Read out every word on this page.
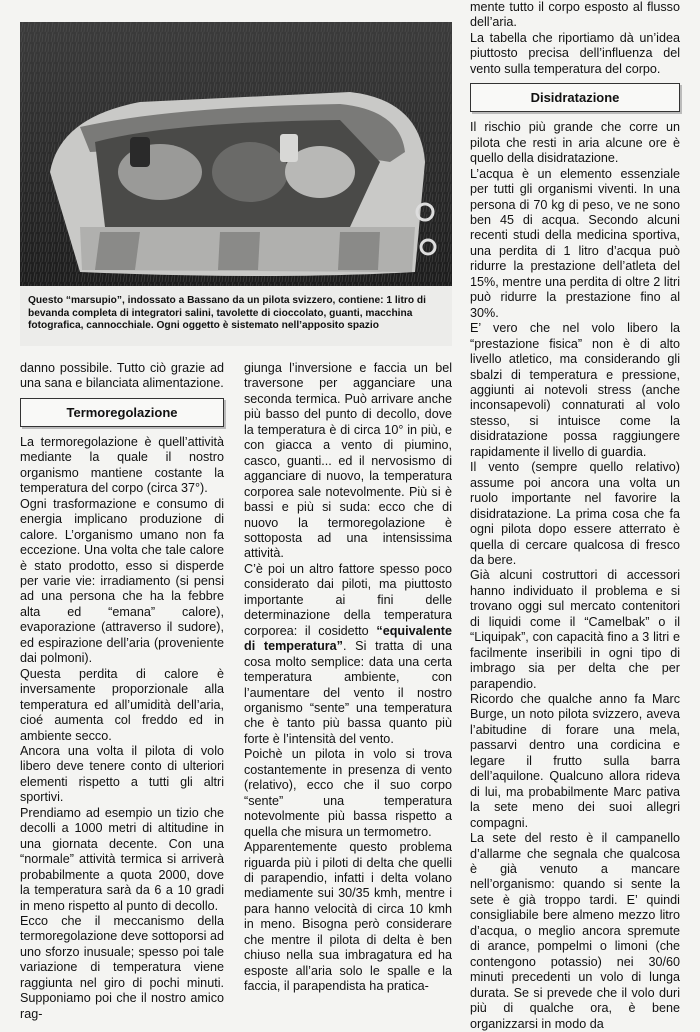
Questo “marsupio”, indossato a Bassano da un pilota svizzero, contiene: 1 litro di bevanda completa di integratori salini, tavolette di cioccolato, guanti, macchina fotografica, cannocchiale. Ogni oggetto è sistemato nell’apposito spazio

danno possibile. Tutto ciò grazie ad una sana e bilanciata alimentazione.

Termoregolazione

La termoregolazione è quell’attività mediante la quale il nostro organismo mantiene costante la temperatura del corpo (circa 37°).

Ogni trasformazione e consumo di energia implicano produzione di calore. L’organismo umano non fa eccezione. Una volta che tale calore è stato prodotto, esso si disperde per varie vie: irradiamento (si pensi ad una persona che ha la febbre alta ed “emana” calore), evaporazione (attraverso il sudore), ed espirazione dell’aria (proveniente dai polmoni).

Questa perdita di calore è inversamente proporzionale alla temperatura ed all’umidità dell’aria, cioé aumenta col freddo ed in ambiente secco.

Ancora una volta il pilota di volo libero deve tenere conto di ulteriori elementi rispetto a tutti gli altri sportivi.

Prendiamo ad esempio un tizio che decolli a 1000 metri di altitudine in una giornata decente. Con una “normale” attività termica si arriverà probabilmente a quota 2000, dove la temperatura sarà da 6 a 10 gradi in meno rispetto al punto di decollo.

Ecco che il meccanismo della termoregolazione deve sottoporsi ad uno sforzo inusuale; spesso poi tale variazione di temperatura viene raggiunta nel giro di pochi minuti. Supponiamo poi che il nostro amico rag-

giunga l’inversione e faccia un bel traversone per agganciare una seconda termica. Può arrivare anche più basso del punto di decollo, dove la temperatura è di circa 10° in più, e con giacca a vento di piumino, casco, guanti... ed il nervosismo di agganciare di nuovo, la temperatura corporea sale notevolmente. Più si è bassi e più si suda: ecco che di nuovo la termoregolazione è sottoposta ad una intensissima attività.

C’è poi un altro fattore spesso poco considerato dai piloti, ma piuttosto importante ai fini delle determinazione della temperatura corporea: il cosidetto “equivalente di temperatura”. Si tratta di una cosa molto semplice: data una certa temperatura ambiente, con l’aumentare del vento il nostro organismo “sente” una temperatura che è tanto più bassa quanto più forte è l’intensità del vento.

Poichè un pilota in volo si trova costantemente in presenza di vento (relativo), ecco che il suo corpo “sente” una temperatura notevolmente più bassa rispetto a quella che misura un termometro.

Apparentemente questo problema riguarda più i piloti di delta che quelli di parapendio, infatti i delta volano mediamente sui 30/35 kmh, mentre i para hanno velocità di circa 10 kmh in meno. Bisogna però considerare che mentre il pilota di delta è ben chiuso nella sua imbragatura ed ha esposte all’aria solo le spalle e la faccia, il parapendista ha pratica-

mente tutto il corpo esposto al flusso dell’aria.

La tabella che riportiamo dà un’idea piuttosto precisa dell’influenza del vento sulla temperatura del corpo.

Disidratazione

Il rischio più grande che corre un pilota che resti in aria alcune ore è quello della disidratazione.

L’acqua è un elemento essenziale per tutti gli organismi viventi. In una persona di 70 kg di peso, ve ne sono ben 45 di acqua. Secondo alcuni recenti studi della medicina sportiva, una perdita di 1 litro d’acqua può ridurre la prestazione dell’atleta del 15%, mentre una perdita di oltre 2 litri può ridurre la prestazione fino al 30%.

E’ vero che nel volo libero la “prestazione fisica” non è di alto livello atletico, ma considerando gli sbalzi di temperatura e pressione, aggiunti ai notevoli stress (anche inconsapevoli) connaturati al volo stesso, si intuisce come la disidratazione possa raggiungere rapidamente il livello di guardia.

Il vento (sempre quello relativo) assume poi ancora una volta un ruolo importante nel favorire la disidratazione. La prima cosa che fa ogni pilota dopo essere atterrato è quella di cercare qualcosa di fresco da bere.

Già alcuni costruttori di accessori hanno individuato il problema e si trovano oggi sul mercato contenitori di liquidi come il “Camelbak” o il “Liquipak”, con capacità fino a 3 litri e facilmente inseribili in ogni tipo di imbrago sia per delta che per parapendio.

Ricordo che qualche anno fa Marc Burge, un noto pilota svizzero, aveva l’abitudine di forare una mela, passarvi dentro una cordicina e legare il frutto sulla barra dell’aquilone. Qualcuno allora rideva di lui, ma probabilmente Marc pativa la sete meno dei suoi allegri compagni.

La sete del resto è il campanello d’allarme che segnala che qualcosa è già venuto a mancare nell’organismo: quando si sente la sete è già troppo tardi. E’ quindi consigliabile bere almeno mezzo litro d’acqua, o meglio ancora spremute di arance, pompelmi o limoni (che contengono potassio) nei 30/60 minuti precedenti un volo di lunga durata. Se si prevede che il volo duri più di qualche ora, è bene organizzarsi in modo da
